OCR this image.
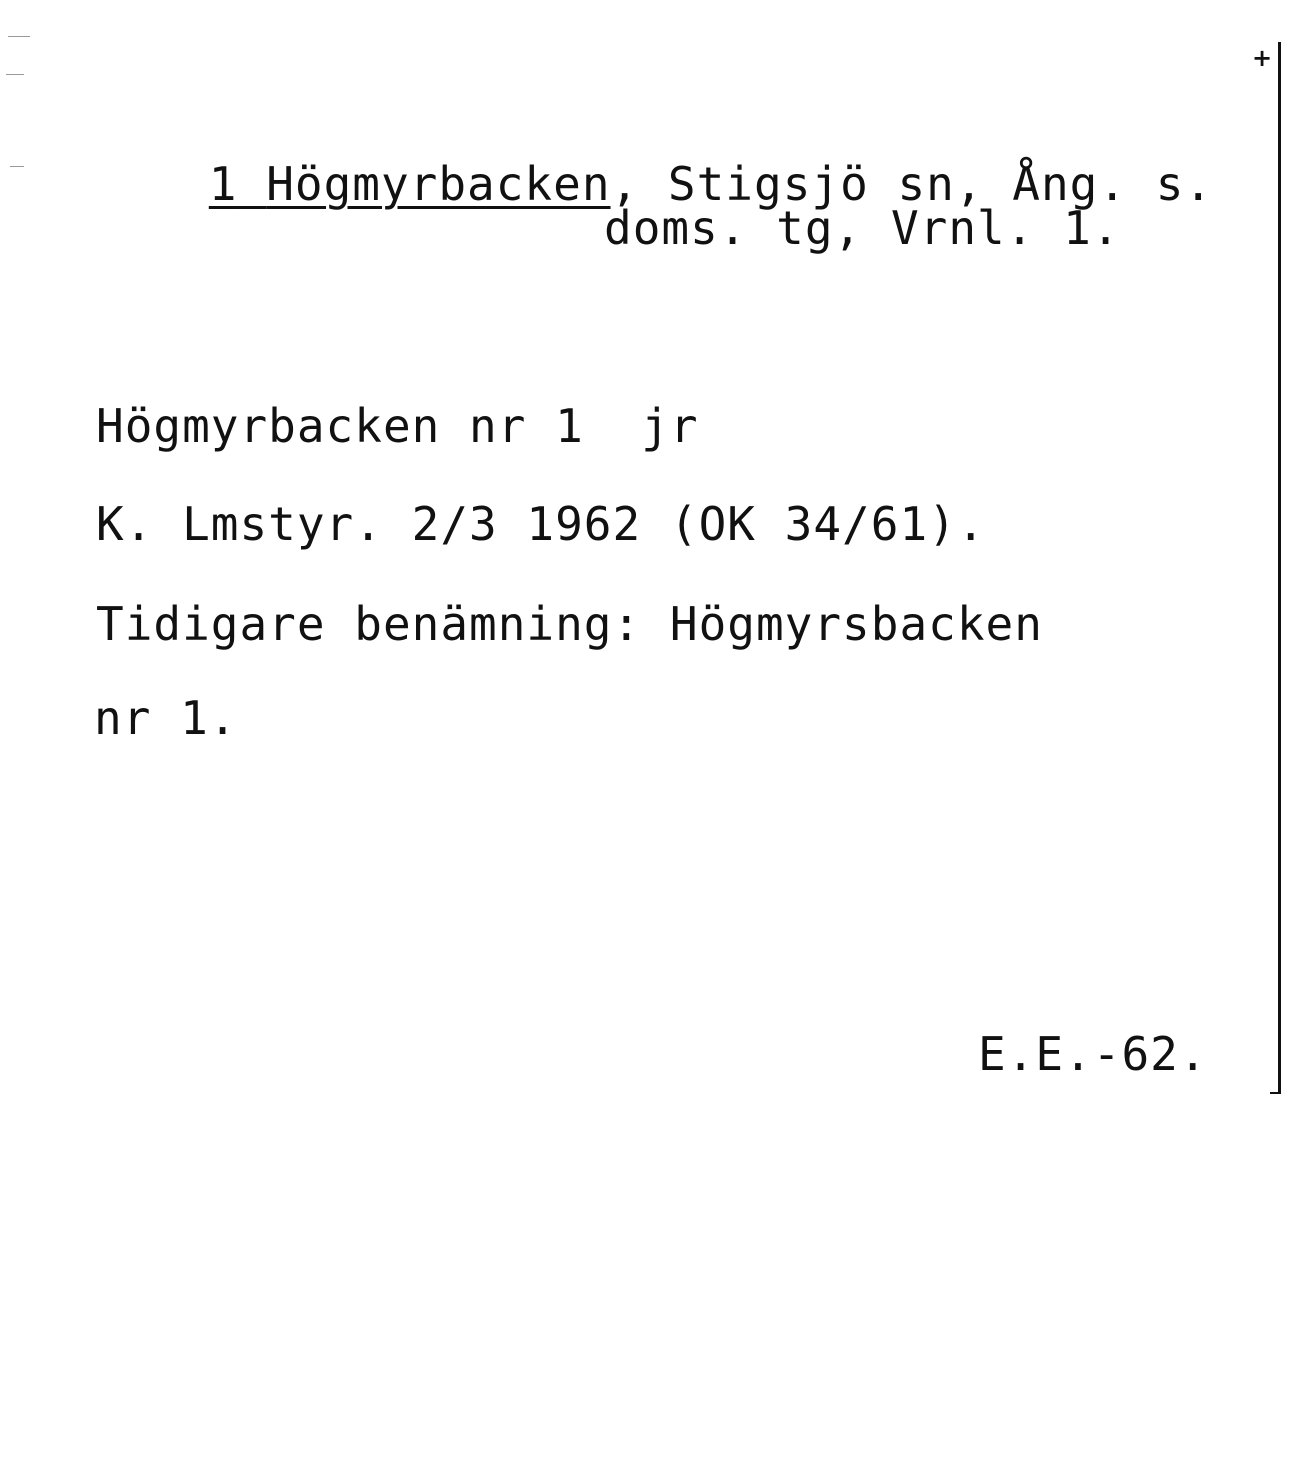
1 Högmyrbacken, Stigsjö sn, Ång. s.

doms. tg, Vrnl. 1.
Högmyrbacken nr 1  jr
K. Lmstyr. 2/3 1962 (OK 34/61).
Tidigare benämning: Högmyrsbacken
nr 1.
E.E.-62.
+
